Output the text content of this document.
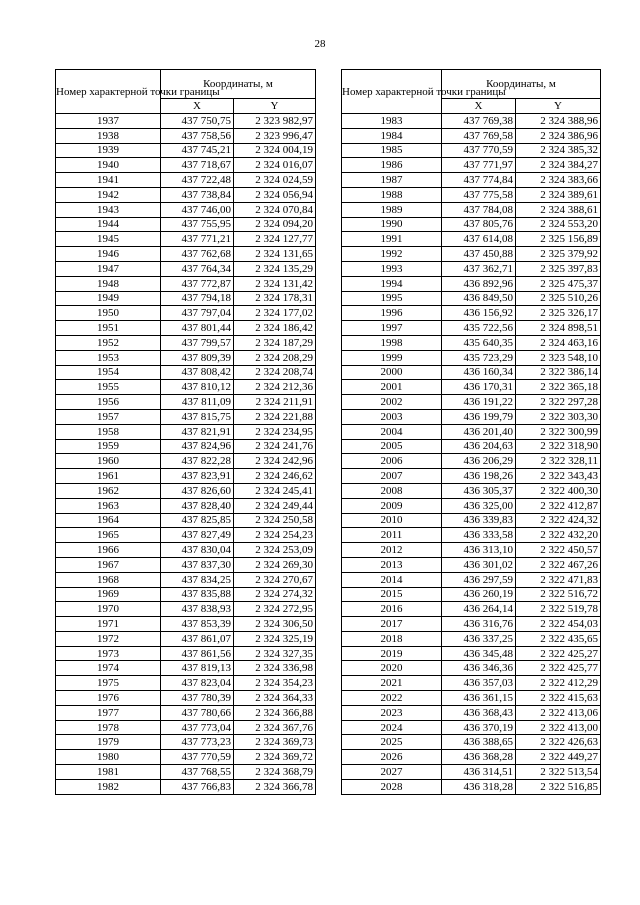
28
Номер характерной точки границы	Координаты, м	
	X	Y
1937	437 750,75	2 323 982,97
1938	437 758,56	2 323 996,47
1939	437 745,21	2 324 004,19
1940	437 718,67	2 324 016,07
1941	437 722,48	2 324 024,59
1942	437 738,84	2 324 056,94
1943	437 746,00	2 324 070,84
1944	437 755,95	2 324 094,20
1945	437 771,21	2 324 127,77
1946	437 762,68	2 324 131,65
1947	437 764,34	2 324 135,29
1948	437 772,87	2 324 131,42
1949	437 794,18	2 324 178,31
1950	437 797,04	2 324 177,02
1951	437 801,44	2 324 186,42
1952	437 799,57	2 324 187,29
1953	437 809,39	2 324 208,29
1954	437 808,42	2 324 208,74
1955	437 810,12	2 324 212,36
1956	437 811,09	2 324 211,91
1957	437 815,75	2 324 221,88
1958	437 821,91	2 324 234,95
1959	437 824,96	2 324 241,76
1960	437 822,28	2 324 242,96
1961	437 823,91	2 324 246,62
1962	437 826,60	2 324 245,41
1963	437 828,40	2 324 249,44
1964	437 825,85	2 324 250,58
1965	437 827,49	2 324 254,23
1966	437 830,04	2 324 253,09
1967	437 837,30	2 324 269,30
1968	437 834,25	2 324 270,67
1969	437 835,88	2 324 274,32
1970	437 838,93	2 324 272,95
1971	437 853,39	2 324 306,50
1972	437 861,07	2 324 325,19
1973	437 861,56	2 324 327,35
1974	437 819,13	2 324 336,98
1975	437 823,04	2 324 354,23
1976	437 780,39	2 324 364,33
1977	437 780,66	2 324 366,88
1978	437 773,04	2 324 367,76
1979	437 773,23	2 324 369,73
1980	437 770,59	2 324 369,72
1981	437 768,55	2 324 368,79
1982	437 766,83	2 324 366,78
Номер характерной точки границы	Координаты, м	
	X	Y
1983	437 769,38	2 324 388,96
1984	437 769,58	2 324 386,96
1985	437 770,59	2 324 385,32
1986	437 771,97	2 324 384,27
1987	437 774,84	2 324 383,66
1988	437 775,58	2 324 389,61
1989	437 784,08	2 324 388,61
1990	437 805,76	2 324 553,20
1991	437 614,08	2 325 156,89
1992	437 450,88	2 325 379,92
1993	437 362,71	2 325 397,83
1994	436 892,96	2 325 475,37
1995	436 849,50	2 325 510,26
1996	436 156,92	2 325 326,17
1997	435 722,56	2 324 898,51
1998	435 640,35	2 324 463,16
1999	435 723,29	2 323 548,10
2000	436 160,34	2 322 386,14
2001	436 170,31	2 322 365,18
2002	436 191,22	2 322 297,28
2003	436 199,79	2 322 303,30
2004	436 201,40	2 322 300,99
2005	436 204,63	2 322 318,90
2006	436 206,29	2 322 328,11
2007	436 198,26	2 322 343,43
2008	436 305,37	2 322 400,30
2009	436 325,00	2 322 412,87
2010	436 339,83	2 322 424,32
2011	436 333,58	2 322 432,20
2012	436 313,10	2 322 450,57
2013	436 301,02	2 322 467,26
2014	436 297,59	2 322 471,83
2015	436 260,19	2 322 516,72
2016	436 264,14	2 322 519,78
2017	436 316,76	2 322 454,03
2018	436 337,25	2 322 435,65
2019	436 345,48	2 322 425,27
2020	436 346,36	2 322 425,77
2021	436 357,03	2 322 412,29
2022	436 361,15	2 322 415,63
2023	436 368,43	2 322 413,06
2024	436 370,19	2 322 413,00
2025	436 388,65	2 322 426,63
2026	436 368,28	2 322 449,27
2027	436 314,51	2 322 513,54
2028	436 318,28	2 322 516,85
